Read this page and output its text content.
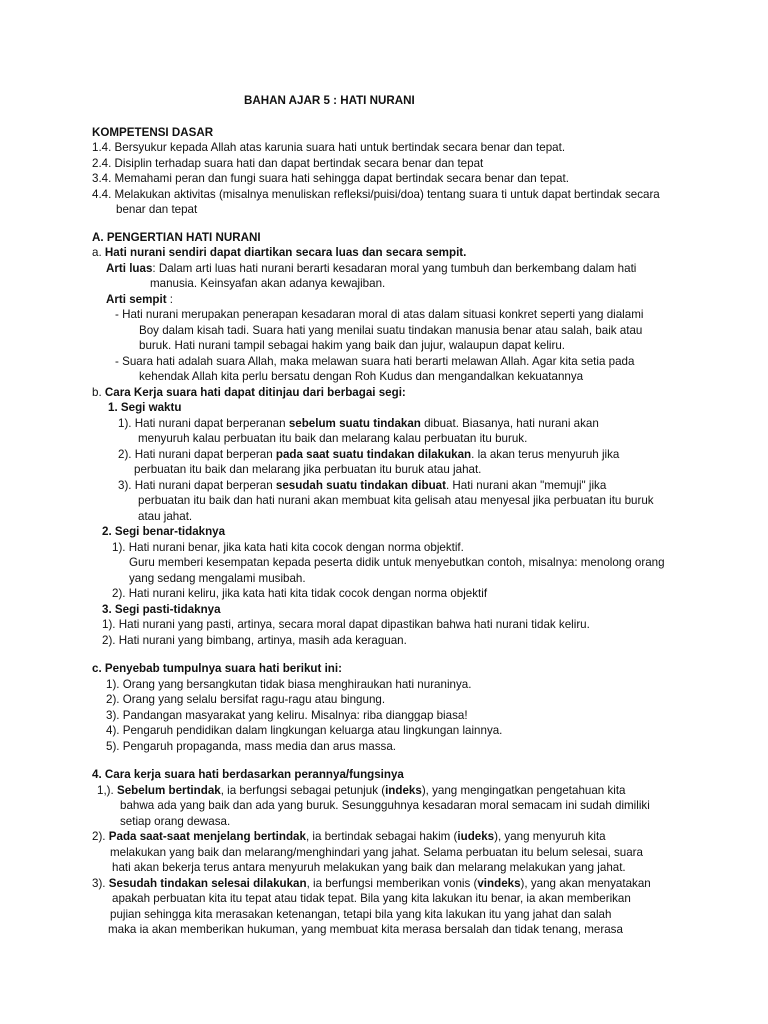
BAHAN AJAR 5 : HATI NURANI
KOMPETENSI DASAR
1.4. Bersyukur kepada Allah atas karunia suara hati untuk bertindak secara benar dan tepat.
2.4. Disiplin terhadap suara hati dan dapat bertindak secara benar dan tepat
3.4. Memahami peran dan fungi suara hati sehingga dapat bertindak secara benar dan tepat.
4.4. Melakukan aktivitas (misalnya menuliskan refleksi/puisi/doa) tentang suara ti untuk dapat bertindak secara
benar dan tepat
A. PENGERTIAN HATI NURANI
a. Hati nurani sendiri dapat diartikan secara luas dan secara sempit.
Arti luas: Dalam arti luas hati nurani berarti kesadaran moral yang tumbuh dan berkembang dalam hati
manusia. Keinsyafan akan adanya kewajiban.
Arti sempit :
- Hati nurani merupakan penerapan kesadaran moral di atas dalam situasi konkret seperti yang dialami
Boy dalam kisah tadi. Suara hati yang menilai suatu tindakan manusia benar atau salah, baik atau
buruk. Hati nurani tampil sebagai hakim yang baik dan jujur, walaupun dapat keliru.
- Suara hati adalah suara Allah, maka melawan suara hati berarti melawan Allah. Agar kita setia pada
kehendak Allah kita perlu bersatu dengan Roh Kudus dan mengandalkan kekuatannya
b. Cara Kerja suara hati dapat ditinjau dari berbagai segi:
1. Segi waktu
1). Hati nurani dapat berperanan sebelum suatu tindakan dibuat. Biasanya, hati nurani akan
menyuruh kalau perbuatan itu baik dan melarang kalau perbuatan itu buruk.
2). Hati nurani dapat berperan pada saat suatu tindakan dilakukan. la akan terus menyuruh jika
perbuatan itu baik dan melarang jika perbuatan itu buruk atau jahat.
3). Hati nurani dapat berperan sesudah suatu tindakan dibuat. Hati nurani akan "memuji" jika
perbuatan itu baik dan hati nurani akan membuat kita gelisah atau menyesal jika perbuatan itu buruk
atau jahat.
2. Segi benar-tidaknya
1). Hati nurani benar, jika kata hati kita cocok dengan norma objektif.
Guru memberi kesempatan kepada peserta didik untuk menyebutkan contoh, misalnya: menolong orang
yang sedang mengalami musibah.
2). Hati nurani keliru, jika kata hati kita tidak cocok dengan norma objektif
3. Segi pasti-tidaknya
1). Hati nurani yang pasti, artinya, secara moral dapat dipastikan bahwa hati nurani tidak keliru.
2). Hati nurani yang bimbang, artinya, masih ada keraguan.
c. Penyebab tumpulnya suara hati berikut ini:
1). Orang yang bersangkutan tidak biasa menghiraukan hati nuraninya.
2). Orang yang selalu bersifat ragu-ragu atau bingung.
3). Pandangan masyarakat yang keliru. Misalnya: riba dianggap biasa!
4). Pengaruh pendidikan dalam lingkungan keluarga atau lingkungan lainnya.
5). Pengaruh propaganda, mass media dan arus massa.
4. Cara kerja suara hati berdasarkan perannya/fungsinya
1,). Sebelum bertindak, ia berfungsi sebagai petunjuk (indeks), yang mengingatkan pengetahuan kita
bahwa ada yang baik dan ada yang buruk. Sesungguhnya kesadaran moral semacam ini sudah dimiliki
setiap orang dewasa.
2). Pada saat-saat menjelang bertindak, ia bertindak sebagai hakim (iudeks), yang menyuruh kita
melakukan yang baik dan melarang/menghindari yang jahat. Selama perbuatan itu belum selesai, suara
hati akan bekerja terus antara menyuruh melakukan yang baik dan melarang melakukan yang jahat.
3). Sesudah tindakan selesai dilakukan, ia berfungsi memberikan vonis (vindeks), yang akan menyatakan
apakah perbuatan kita itu tepat atau tidak tepat. Bila yang kita lakukan itu benar, ia akan memberikan
pujian sehingga kita merasakan ketenangan, tetapi bila yang kita lakukan itu yang jahat dan salah
maka ia akan memberikan hukuman, yang membuat kita merasa bersalah dan tidak tenang, merasa
